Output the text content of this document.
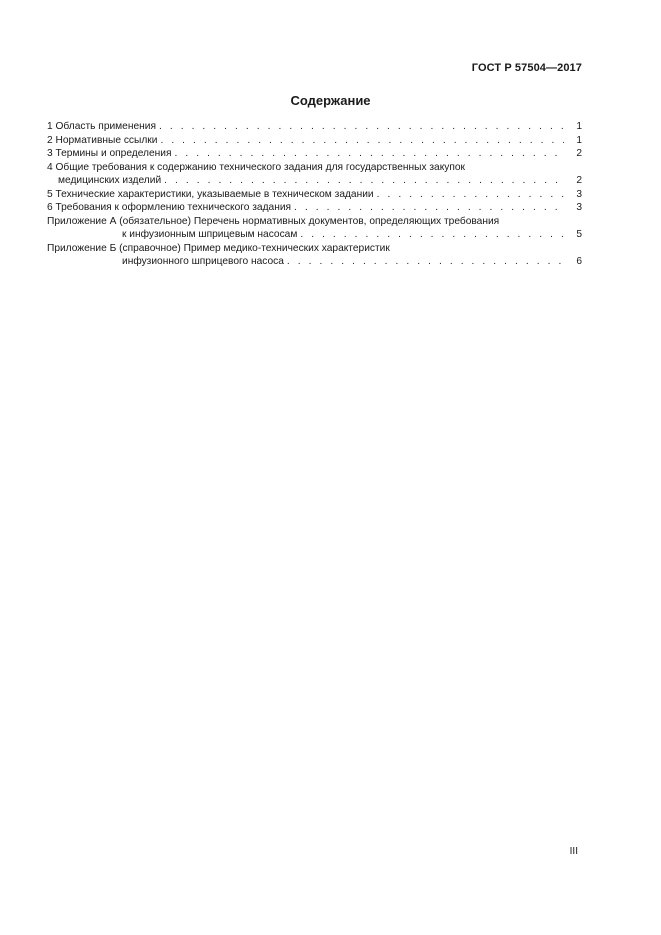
ГОСТ Р 57504—2017
Содержание
1 Область применения . . .	1
2 Нормативные ссылки . . .	1
3 Термины и определения . . .	2
4 Общие требования к содержанию технического задания для государственных закупок
медицинских изделий . . .	2
5 Технические характеристики, указываемые в техническом задании . . .	3
6 Требования к оформлению технического задания . . .	3
Приложение А (обязательное) Перечень нормативных документов, определяющих требования
к инфузионным шприцевым насосам . . .	5
Приложение Б (справочное) Пример медико-технических характеристик
инфузионного шприцевого насоса . . .	6
III
